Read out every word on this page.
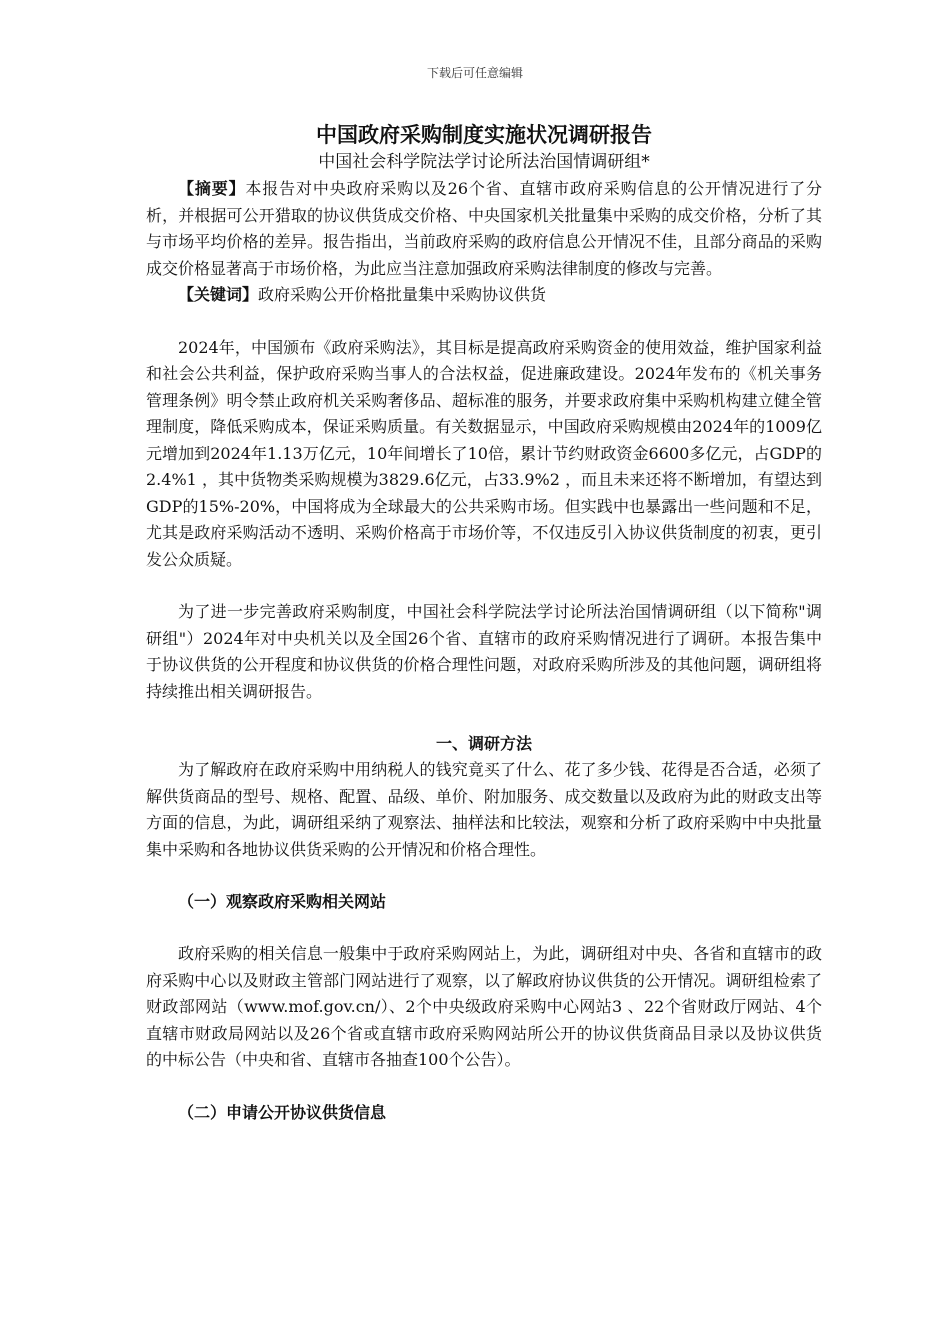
下载后可任意编辑
中国政府采购制度实施状况调研报告
中国社会科学院法学讨论所法治国情调研组*

【摘要】本报告对中央政府采购以及26个省、直辖市政府采购信息的公开情况进行了分析，并根据可公开猎取的协议供货成交价格、中央国家机关批量集中采购的成交价格，分析了其与市场平均价格的差异。报告指出，当前政府采购的政府信息公开情况不佳，且部分商品的采购成交价格显著高于市场价格，为此应当注意加强政府采购法律制度的修改与完善。

【关键词】政府采购公开价格批量集中采购协议供货

2024年，中国颁布《政府采购法》，其目标是提高政府采购资金的使用效益，维护国家利益和社会公共利益，保护政府采购当事人的合法权益，促进廉政建设。2024年发布的《机关事务管理条例》明令禁止政府机关采购奢侈品、超标准的服务，并要求政府集中采购机构建立健全管理制度，降低采购成本，保证采购质量。有关数据显示，中国政府采购规模由2024年的1009亿元增加到2024年1.13万亿元，10年间增长了10倍，累计节约财政资金6600多亿元，占GDP的2.4%1 ，其中货物类采购规模为3829.6亿元，占33.9%2 ，而且未来还将不断增加，有望达到GDP的15%-20%，中国将成为全球最大的公共采购市场。但实践中也暴露出一些问题和不足，尤其是政府采购活动不透明、采购价格高于市场价等，不仅违反引入协议供货制度的初衷，更引发公众质疑。

为了进一步完善政府采购制度，中国社会科学院法学讨论所法治国情调研组（以下简称"调研组"）2024年对中央机关以及全国26个省、直辖市的政府采购情况进行了调研。本报告集中于协议供货的公开程度和协议供货的价格合理性问题，对政府采购所涉及的其他问题，调研组将持续推出相关调研报告。

一、调研方法

为了解政府在政府采购中用纳税人的钱究竟买了什么、花了多少钱、花得是否合适，必须了解供货商品的型号、规格、配置、品级、单价、附加服务、成交数量以及政府为此的财政支出等方面的信息，为此，调研组采纳了观察法、抽样法和比较法，观察和分析了政府采购中中央批量集中采购和各地协议供货采购的公开情况和价格合理性。

（一）观察政府采购相关网站

政府采购的相关信息一般集中于政府采购网站上，为此，调研组对中央、各省和直辖市的政府采购中心以及财政主管部门网站进行了观察，以了解政府协议供货的公开情况。调研组检索了财政部网站（www.mof.gov.cn/）、2个中央级政府采购中心网站3 、22个省财政厅网站、4个直辖市财政局网站以及26个省或直辖市政府采购网站所公开的协议供货商品目录以及协议供货的中标公告（中央和省、直辖市各抽查100个公告）。

（二）申请公开协议供货信息
